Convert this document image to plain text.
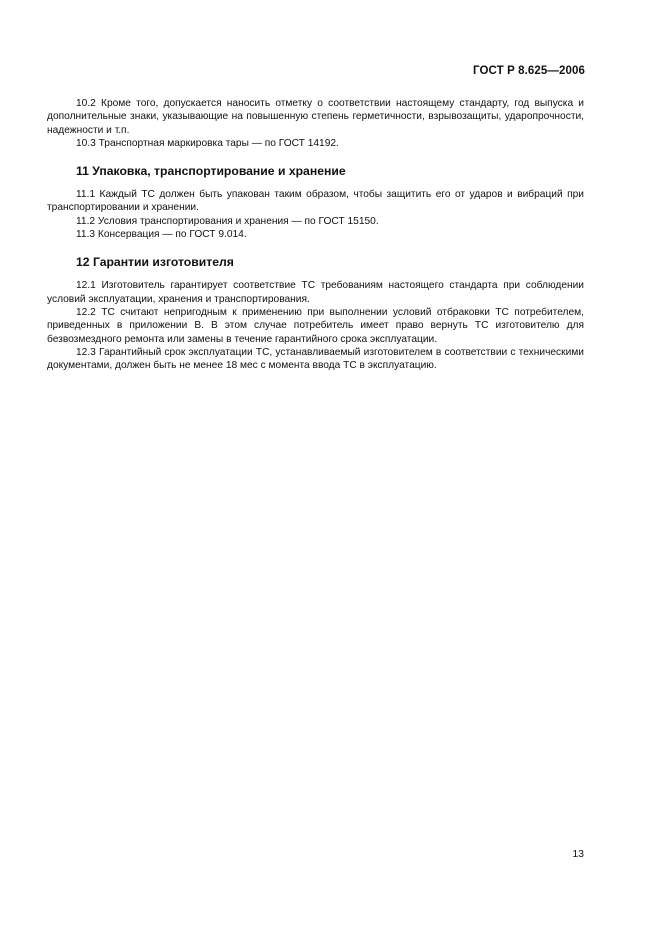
ГОСТ Р 8.625—2006

10.2 Кроме того, допускается наносить отметку о соответствии настоящему стандарту, год выпуска и дополнительные знаки, указывающие на повышенную степень герметичности, взрывозащиты, ударопрочности, надежности и т.п.

10.3 Транспортная маркировка тары — по ГОСТ 14192.

11 Упаковка, транспортирование и хранение

11.1 Каждый ТС должен быть упакован таким образом, чтобы защитить его от ударов и вибраций при транспортировании и хранении.

11.2 Условия транспортирования и хранения — по ГОСТ 15150.

11.3 Консервация — по ГОСТ 9.014.

12 Гарантии изготовителя

12.1 Изготовитель гарантирует соответствие ТС требованиям настоящего стандарта при соблюдении условий эксплуатации, хранения и транспортирования.

12.2 ТС считают непригодным к применению при выполнении условий отбраковки ТС потребителем, приведенных в приложении В. В этом случае потребитель имеет право вернуть ТС изготовителю для безвозмездного ремонта или замены в течение гарантийного срока эксплуатации.

12.3 Гарантийный срок эксплуатации ТС, устанавливаемый изготовителем в соответствии с техническими документами, должен быть не менее 18 мес с момента ввода ТС в эксплуатацию.

13
